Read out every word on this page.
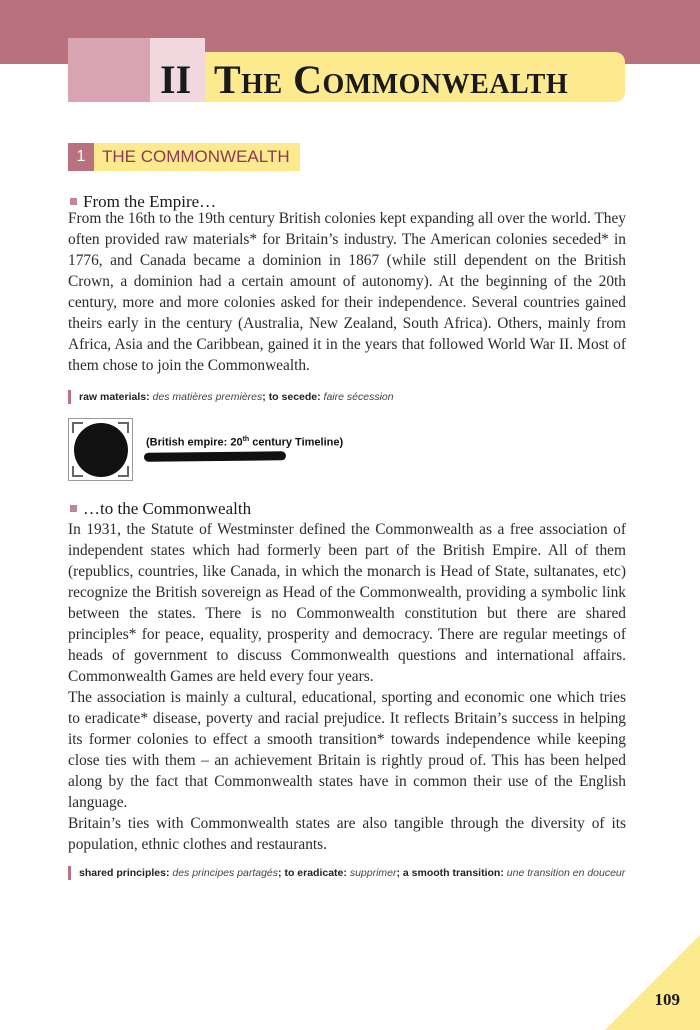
II The Commonwealth
1 THE COMMONWEALTH
From the Empire…

From the 16th to the 19th century British colonies kept expanding all over the world. They often provided raw materials* for Britain’s industry. The American colonies seceded* in 1776, and Canada became a dominion in 1867 (while still dependent on the British Crown, a dominion had a certain amount of autonomy). At the beginning of the 20th century, more and more colonies asked for their independence. Several countries gained theirs early in the century (Australia, New Zealand, South Africa). Others, mainly from Africa, Asia and the Caribbean, gained it in the years that followed World War II. Most of them chose to join the Commonwealth.

raw materials: des matières premières; to secede: faire sécession
(British empire: 20th century Timeline)
…to the Commonwealth

In 1931, the Statute of Westminster defined the Commonwealth as a free association of independent states which had formerly been part of the British Empire. All of them (republics, countries, like Canada, in which the monarch is Head of State, sultanates, etc) recognize the British sovereign as Head of the Commonwealth, providing a symbolic link between the states. There is no Commonwealth constitution but there are shared principles* for peace, equality, prosperity and democracy. There are regular meetings of heads of government to discuss Commonwealth questions and international affairs. Commonwealth Games are held every four years.

The association is mainly a cultural, educational, sporting and economic one which tries to eradicate* disease, poverty and racial prejudice. It reflects Britain’s success in helping its former colonies to effect a smooth transition* towards independence while keeping close ties with them – an achievement Britain is rightly proud of. This has been helped along by the fact that Commonwealth states have in common their use of the English language.

Britain’s ties with Commonwealth states are also tangible through the diversity of its population, ethnic clothes and restaurants.

shared principles: des principes partagés; to eradicate: supprimer; a smooth transition: une transition en douceur
109
